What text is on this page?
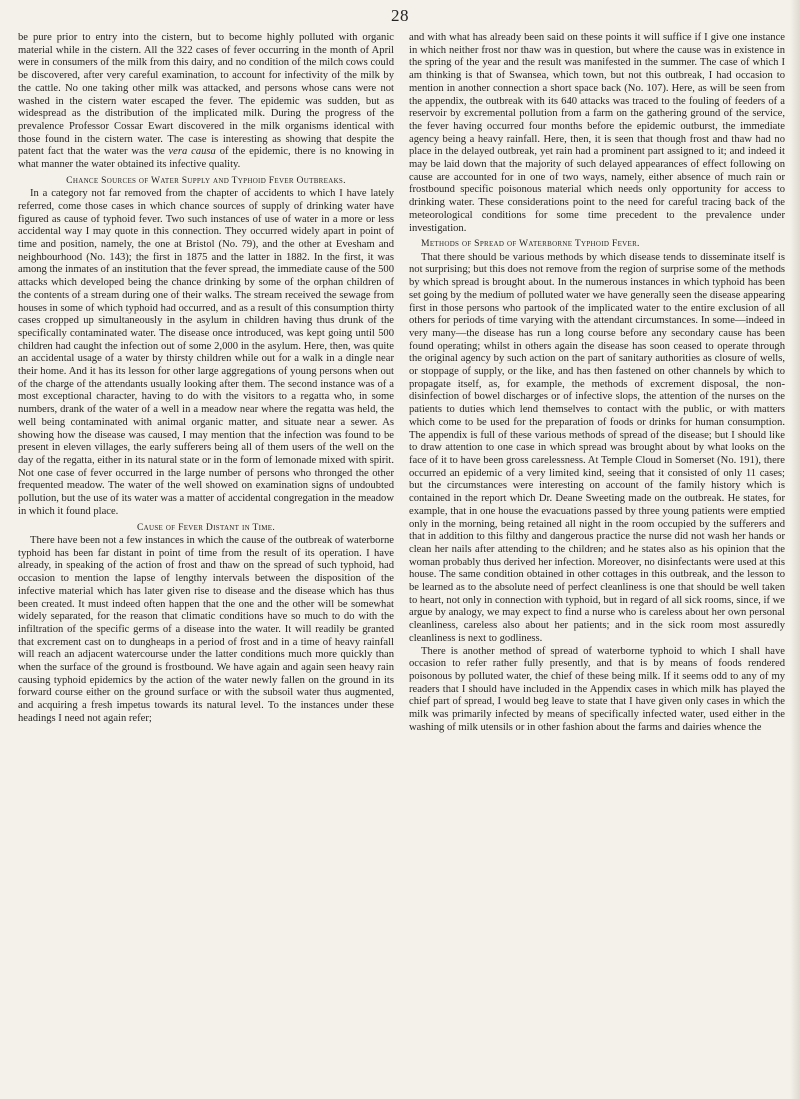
28

be pure prior to entry into the cistern, but to become highly polluted with organic material while in the cistern. All the 322 cases of fever occurring in the month of April were in consumers of the milk from this dairy, and no condition of the milch cows could be discovered, after very careful examination, to account for infectivity of the milk by the cattle. No one taking other milk was attacked, and persons whose cans were not washed in the cistern water escaped the fever. The epidemic was sudden, but as widespread as the distribution of the implicated milk. During the progress of the prevalence Professor Cossar Ewart discovered in the milk organisms identical with those found in the cistern water. The case is interesting as showing that despite the patent fact that the water was the vera causa of the epidemic, there is no knowing in what manner the water obtained its infective quality.

Chance Sources of Water Supply and Typhoid Fever Outbreaks.

In a category not far removed from the chapter of accidents to which I have lately referred, come those cases in which chance sources of supply of drinking water have figured as cause of typhoid fever. Two such instances of use of water in a more or less accidental way I may quote in this connection. They occurred widely apart in point of time and position, namely, the one at Bristol (No. 79), and the other at Evesham and neighbourhood (No. 143); the first in 1875 and the latter in 1882. In the first, it was among the inmates of an institution that the fever spread, the immediate cause of the 500 attacks which developed being the chance drinking by some of the orphan children of the contents of a stream during one of their walks. The stream received the sewage from houses in some of which typhoid had occurred, and as a result of this consumption thirty cases cropped up simultaneously in the asylum in children having thus drunk of the specifically contaminated water. The disease once introduced, was kept going until 500 children had caught the infection out of some 2,000 in the asylum. Here, then, was quite an accidental usage of a water by thirsty children while out for a walk in a dingle near their home. And it has its lesson for other large aggregations of young persons when out of the charge of the attendants usually looking after them. The second instance was of a most exceptional character, having to do with the visitors to a regatta who, in some numbers, drank of the water of a well in a meadow near where the regatta was held, the well being contaminated with animal organic matter, and situate near a sewer. As showing how the disease was caused, I may mention that the infection was found to be present in eleven villages, the early sufferers being all of them users of the well on the day of the regatta, either in its natural state or in the form of lemonade mixed with spirit. Not one case of fever occurred in the large number of persons who thronged the other frequented meadow. The water of the well showed on examination signs of undoubted pollution, but the use of its water was a matter of accidental congregation in the meadow in which it found place.

Cause of Fever Distant in Time.

There have been not a few instances in which the cause of the outbreak of waterborne typhoid has been far distant in point of time from the result of its operation. I have already, in speaking of the action of frost and thaw on the spread of such typhoid, had occasion to mention the lapse of lengthy intervals between the disposition of the infective material which has later given rise to disease and the disease which has thus been created. It must indeed often happen that the one and the other will be somewhat widely separated, for the reason that climatic conditions have so much to do with the infiltration of the specific germs of a disease into the water. It will readily be granted that excrement cast on to dungheaps in a period of frost and in a time of heavy rainfall will reach an adjacent watercourse under the latter conditions much more quickly than when the surface of the ground is frostbound. We have again and again seen heavy rain causing typhoid epidemics by the action of the water newly fallen on the ground in its forward course either on the ground surface or with the subsoil water thus augmented, and acquiring a fresh impetus towards its natural level. To the instances under these headings I need not again refer;

and with what has already been said on these points it will suffice if I give one instance in which neither frost nor thaw was in question, but where the cause was in existence in the spring of the year and the result was manifested in the summer. The case of which I am thinking is that of Swansea, which town, but not this outbreak, I had occasion to mention in another connection a short space back (No. 107). Here, as will be seen from the appendix, the outbreak with its 640 attacks was traced to the fouling of feeders of a reservoir by excremental pollution from a farm on the gathering ground of the service, the fever having occurred four months before the epidemic outburst, the immediate agency being a heavy rainfall. Here, then, it is seen that though frost and thaw had no place in the delayed outbreak, yet rain had a prominent part assigned to it; and indeed it may be laid down that the majority of such delayed appearances of effect following on cause are accounted for in one of two ways, namely, either absence of much rain or frostbound specific poisonous material which needs only opportunity for access to drinking water. These considerations point to the need for careful tracing back of the meteorological conditions for some time precedent to the prevalence under investigation.

Methods of Spread of Waterborne Typhoid Fever.

That there should be various methods by which disease tends to disseminate itself is not surprising; but this does not remove from the region of surprise some of the methods by which spread is brought about. In the numerous instances in which typhoid has been set going by the medium of polluted water we have generally seen the disease appearing first in those persons who partook of the implicated water to the entire exclusion of all others for periods of time varying with the attendant circumstances. In some—indeed in very many—the disease has run a long course before any secondary cause has been found operating; whilst in others again the disease has soon ceased to operate through the original agency by such action on the part of sanitary authorities as closure of wells, or stoppage of supply, or the like, and has then fastened on other channels by which to propagate itself, as, for example, the methods of excrement disposal, the non-disinfection of bowel discharges or of infective slops, the attention of the nurses on the patients to duties which lend themselves to contact with the public, or with matters which come to be used for the preparation of foods or drinks for human consumption. The appendix is full of these various methods of spread of the disease; but I should like to draw attention to one case in which spread was brought about by what looks on the face of it to have been gross carelessness. At Temple Cloud in Somerset (No. 191), there occurred an epidemic of a very limited kind, seeing that it consisted of only 11 cases; but the circumstances were interesting on account of the family history which is contained in the report which Dr. Deane Sweeting made on the outbreak. He states, for example, that in one house the evacuations passed by three young patients were emptied only in the morning, being retained all night in the room occupied by the sufferers and that in addition to this filthy and dangerous practice the nurse did not wash her hands or clean her nails after attending to the children; and he states also as his opinion that the woman probably thus derived her infection. Moreover, no disinfectants were used at this house. The same condition obtained in other cottages in this outbreak, and the lesson to be learned as to the absolute need of perfect cleanliness is one that should be well taken to heart, not only in connection with typhoid, but in regard of all sick rooms, since, if we argue by analogy, we may expect to find a nurse who is careless about her own personal cleanliness, careless also about her patients; and in the sick room most assuredly cleanliness is next to godliness.

There is another method of spread of waterborne typhoid to which I shall have occasion to refer rather fully presently, and that is by means of foods rendered poisonous by polluted water, the chief of these being milk. If it seems odd to any of my readers that I should have included in the Appendix cases in which milk has played the chief part of spread, I would beg leave to state that I have given only cases in which the milk was primarily infected by means of specifically infected water, used either in the washing of milk utensils or in other fashion about the farms and dairies whence the
